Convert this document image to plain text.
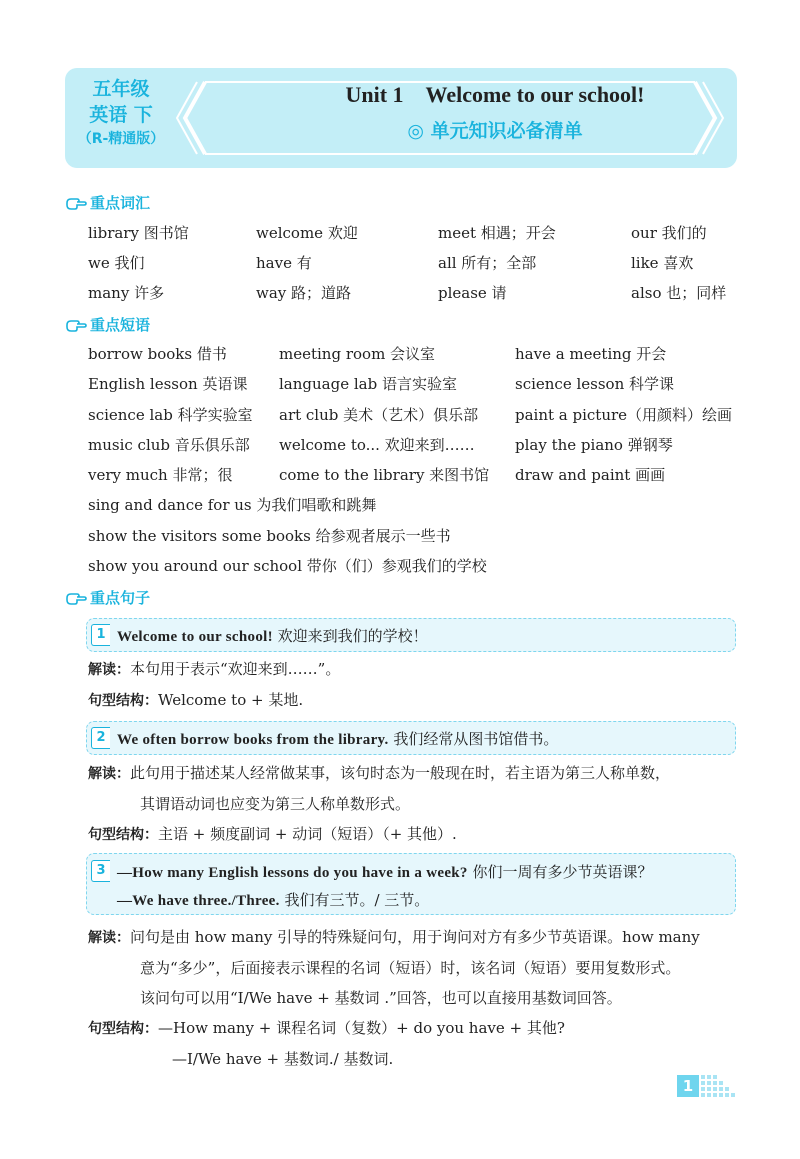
五年级
英语 下
（R-精通版）
Unit 1 Welcome to our school!
◎ 单元知识必备清单
重点词汇
library 图书馆	welcome 欢迎	meet 相遇；开会	our 我们的
we 我们	have 有	all 所有；全部	like 喜欢
many 许多	way 路；道路	please 请	also 也；同样
重点短语
borrow books 借书	meeting room 会议室	have a meeting 开会
English lesson 英语课 language lab 语言实验室	science lesson 科学课
science lab 科学实验室 art club 美术（艺术）俱乐部 paint a picture（用颜料）绘画
music club 音乐俱乐部 welcome to... 欢迎来到……	play the piano 弹钢琴
very much 非常；很	come to the library 来图书馆 draw and paint 画画
sing and dance for us 为我们唱歌和跳舞
show the visitors some books 给参观者展示一些书
show you around our school 带你（们）参观我们的学校
重点句子
1 Welcome to our school! 欢迎来到我们的学校！
解读：本句用于表示“欢迎来到……”。
句型结构：Welcome to + 某地.
2 We often borrow books from the library. 我们经常从图书馆借书。
解读：此句用于描述某人经常做某事，该句时态为一般现在时，若主语为第三人称单数，
其谓语动词也应变为第三人称单数形式。
句型结构：主语 + 频度副词 + 动词（短语）（+ 其他）.
3 —How many English lessons do you have in a week? 你们一周有多少节英语课？
—We have three./Three. 我们有三节。/ 三节。
解读：问句是由 how many 引导的特殊疑问句，用于询问对方有多少节英语课。how many
意为“多少”，后面接表示课程的名词（短语）时，该名词（短语）要用复数形式。
该问句可以用“I/We have + 基数词 .”回答，也可以直接用基数词回答。
句型结构：—How many + 课程名词（复数）+ do you have + 其他?
—I/We have + 基数词./ 基数词.
1
